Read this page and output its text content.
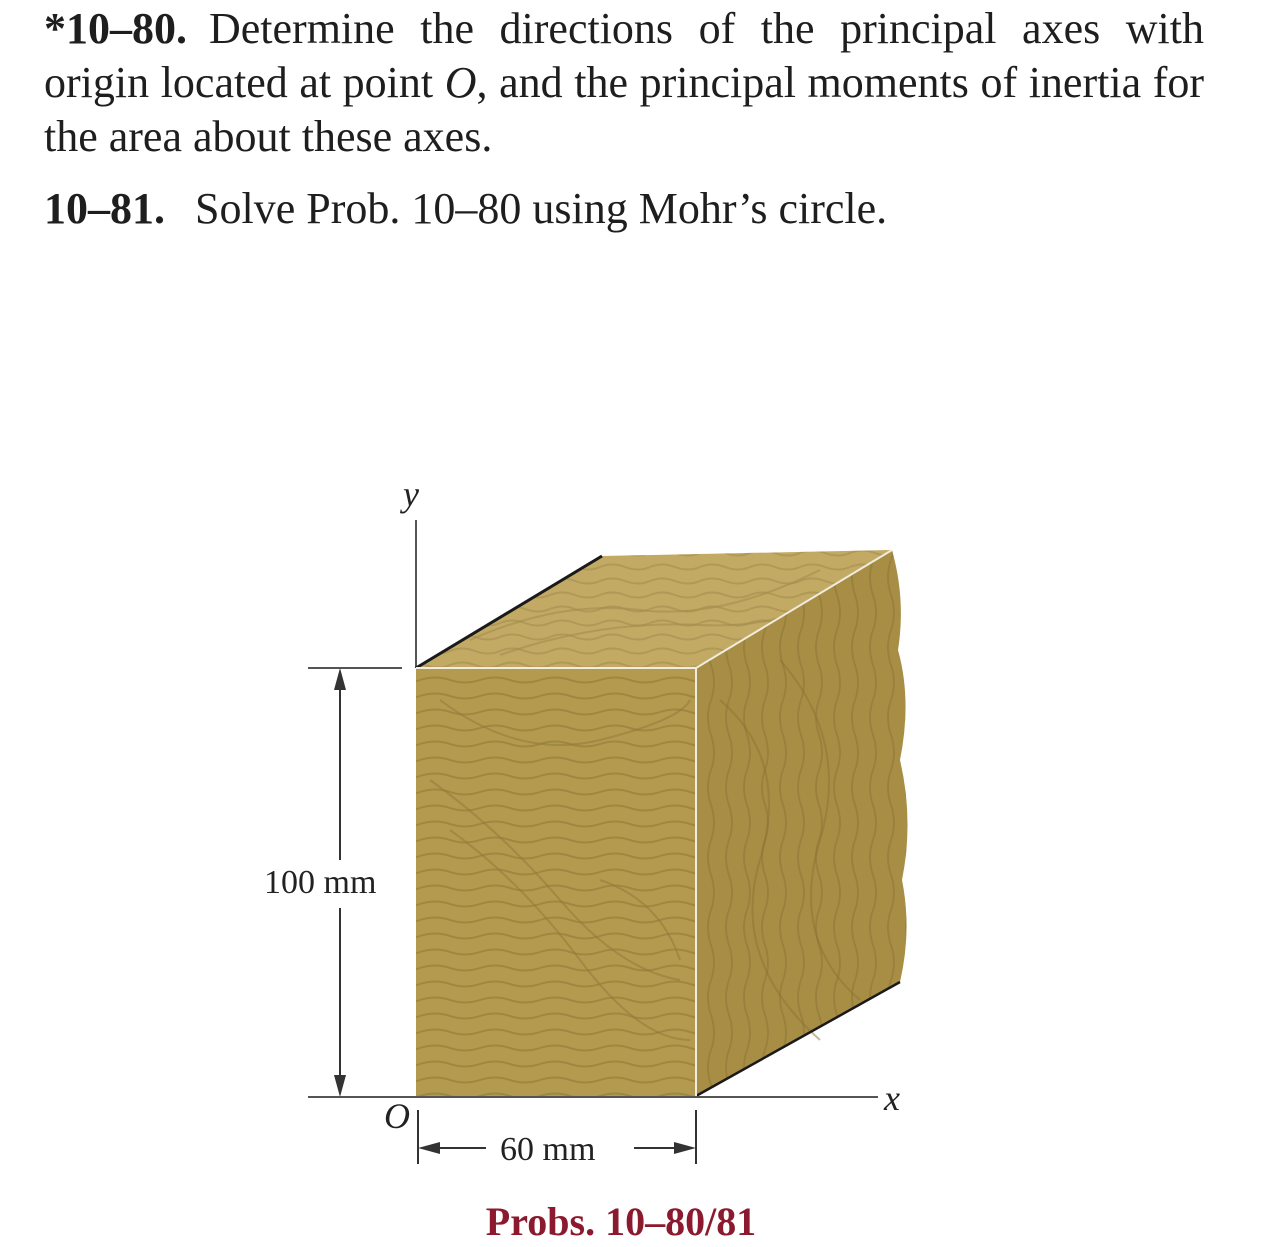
*10–80. Determine the directions of the principal axes with origin located at point O, and the principal moments of inertia for the area about these axes.

10–81. Solve Prob. 10–80 using Mohr’s circle.

y
x
O
100 mm
60 mm
Probs. 10–80/81
